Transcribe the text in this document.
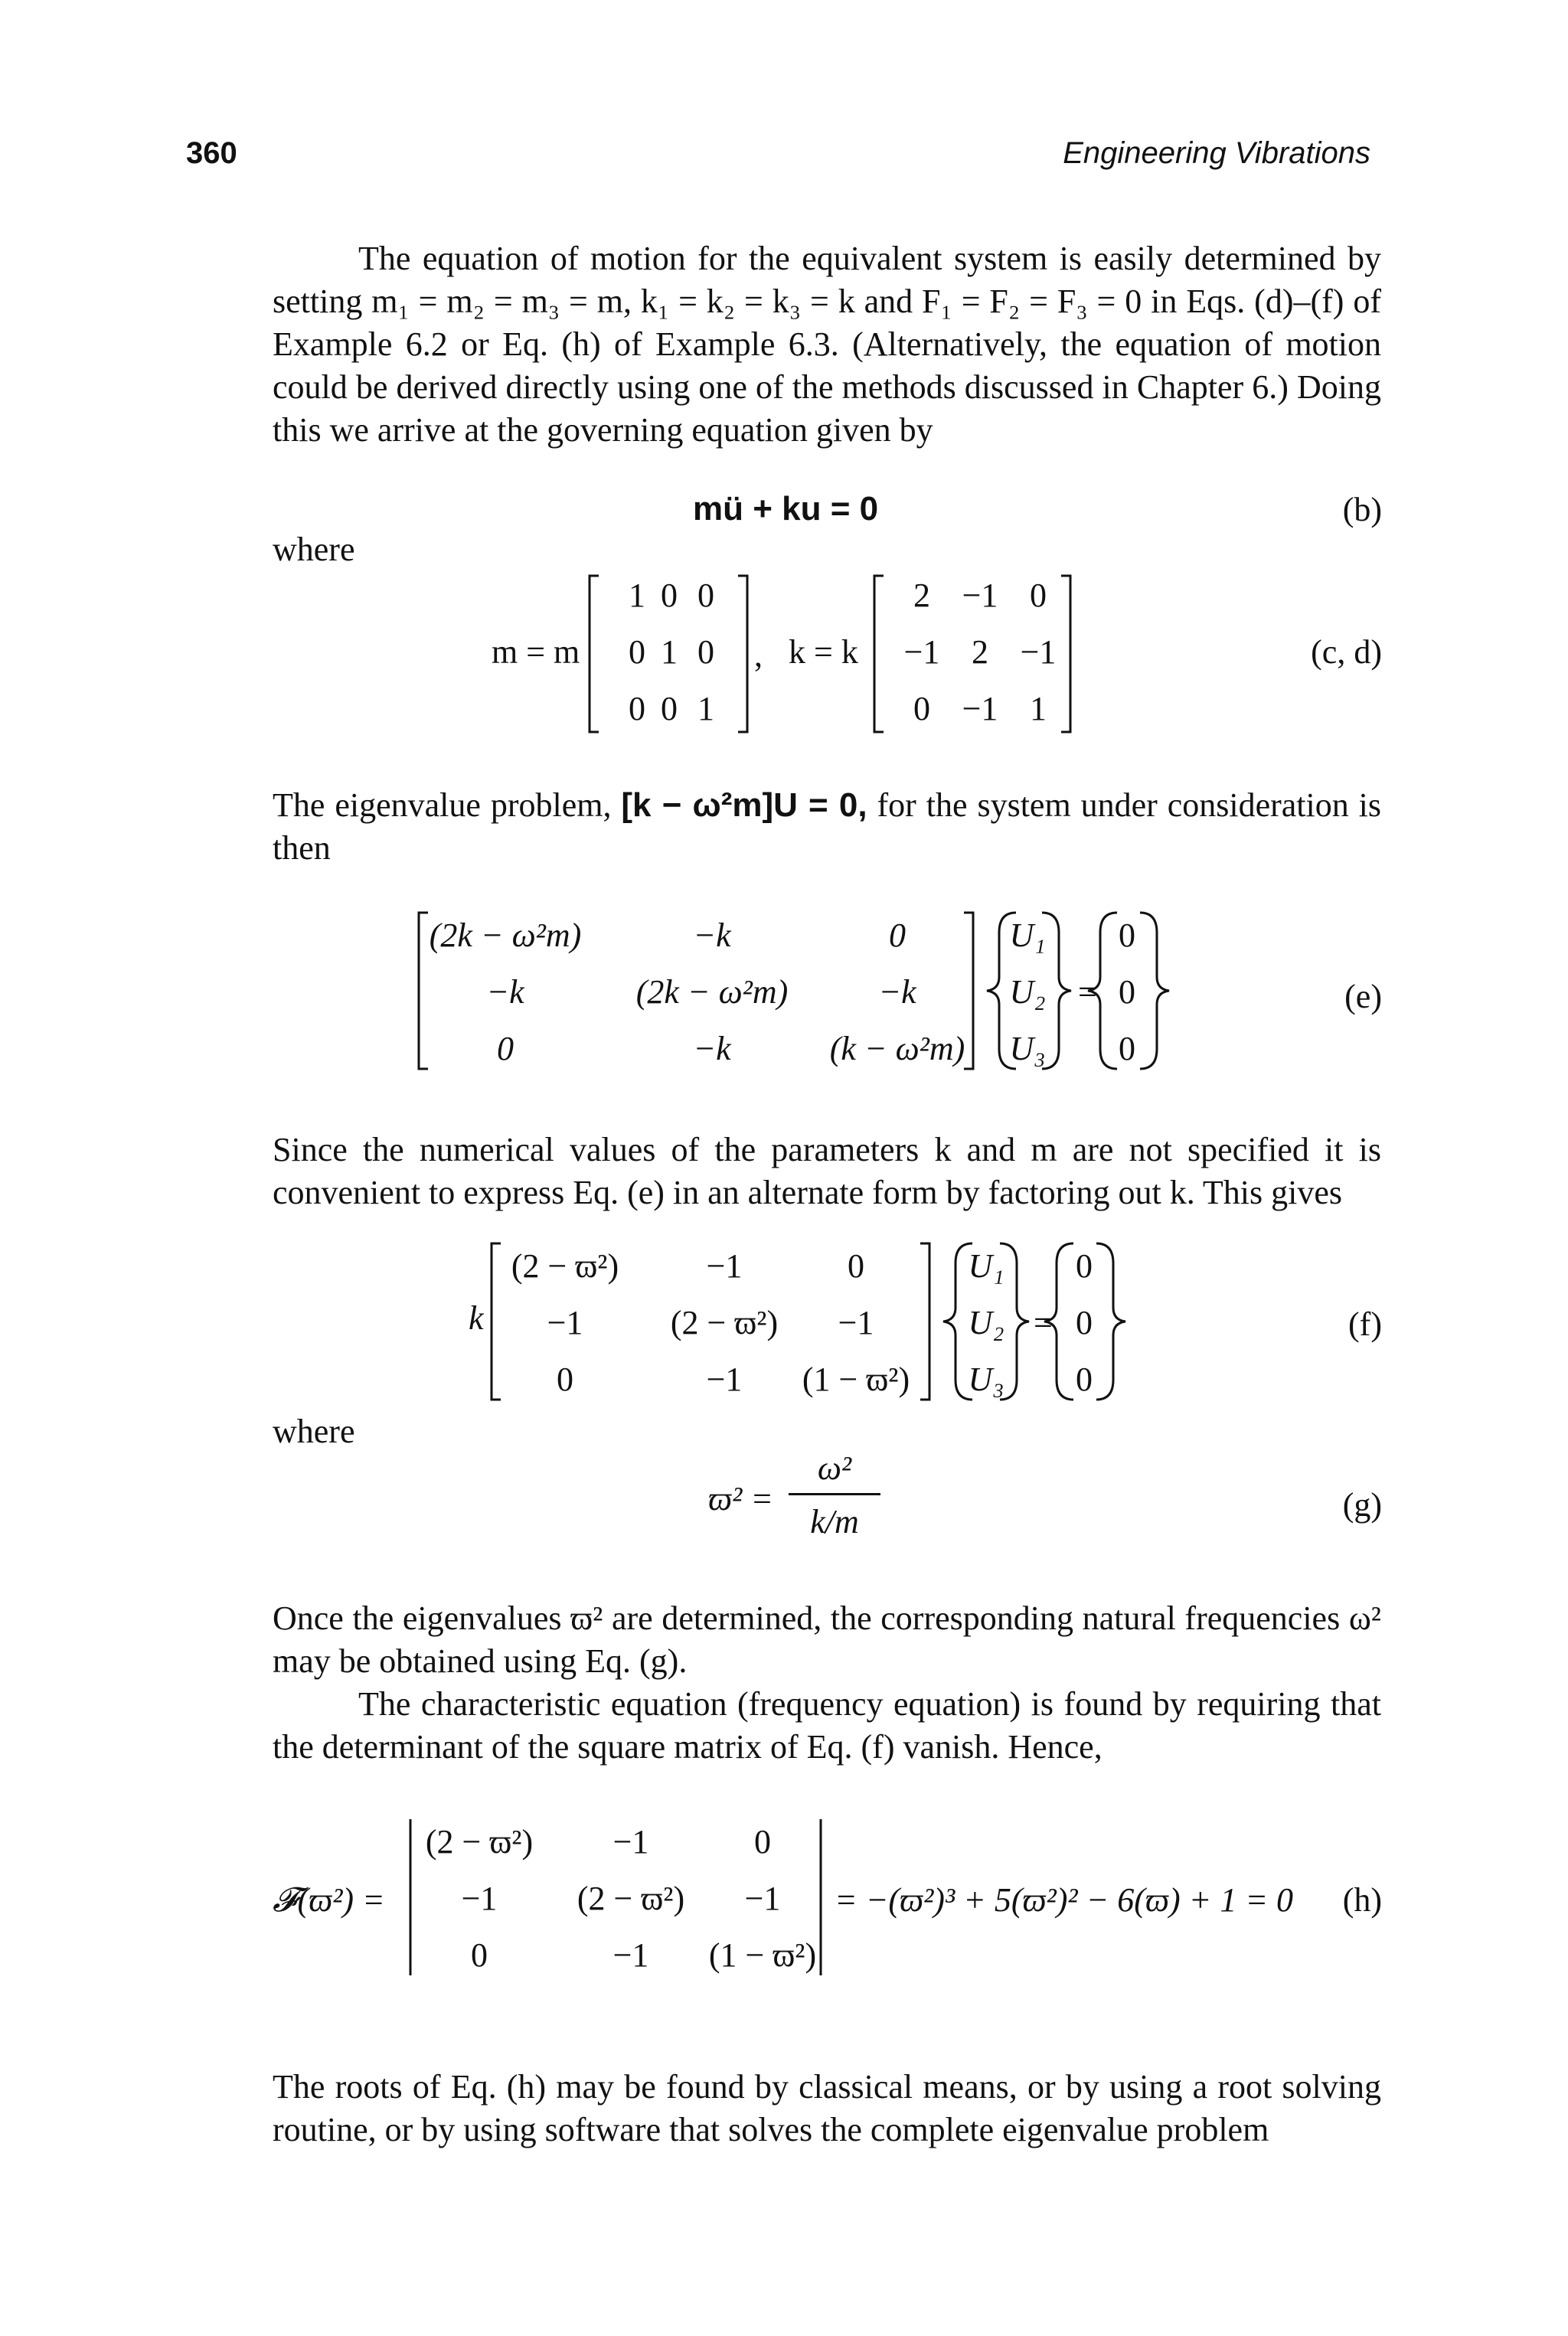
360	Engineering Vibrations

The equation of motion for the equivalent system is easily determined by setting m₁ = m₂ = m₃ = m, k₁ = k₂ = k₃ = k and F₁ = F₂ = F₃ = 0 in Eqs. (d)–(f) of Example 6.2 or Eq. (h) of Example 6.3. (Alternatively, the equation of motion could be derived directly using one of the methods discussed in Chapter 6.) Doing this we arrive at the governing equation given by

mü + ku = 0	(b)
where
m = m
1 0 0
0 1 0
0 0 1
, k = k
2 −1 0
−1 2 −1
0 −1 1
(c, d)

The eigenvalue problem, [k − ω²m]U = 0, for the system under consideration is then

(2k − ω²m)	−k	0
−k	(2k − ω²m)	−k
0	−k	(k − ω²m)
U₁
U₂
U₃
0
0
0
=	(e)

Since the numerical values of the parameters k and m are not specified it is convenient to express Eq. (e) in an alternate form by factoring out k. This gives

k
(2 − ϖ²)	−1	0
−1	(2 − ϖ²)	−1
0	−1	(1 − ϖ²)
U₁
U₂
U₃
0
0
0
=	(f)
where
ϖ² =
ω²
k/m	(g)

Once the eigenvalues ϖ² are determined, the corresponding natural frequencies ω² may be obtained using Eq. (g).

The characteristic equation (frequency equation) is found by requiring that the determinant of the square matrix of Eq. (f) vanish. Hence,

𝓕(ϖ²) =
(2 − ϖ²)	−1	0
−1	(2 − ϖ²)	−1
0	−1	(1 − ϖ²)
= −(ϖ²)³ + 5(ϖ²)² − 6(ϖ) + 1 = 0 (h)

The roots of Eq. (h) may be found by classical means, or by using a root solving routine, or by using software that solves the complete eigenvalue problem
